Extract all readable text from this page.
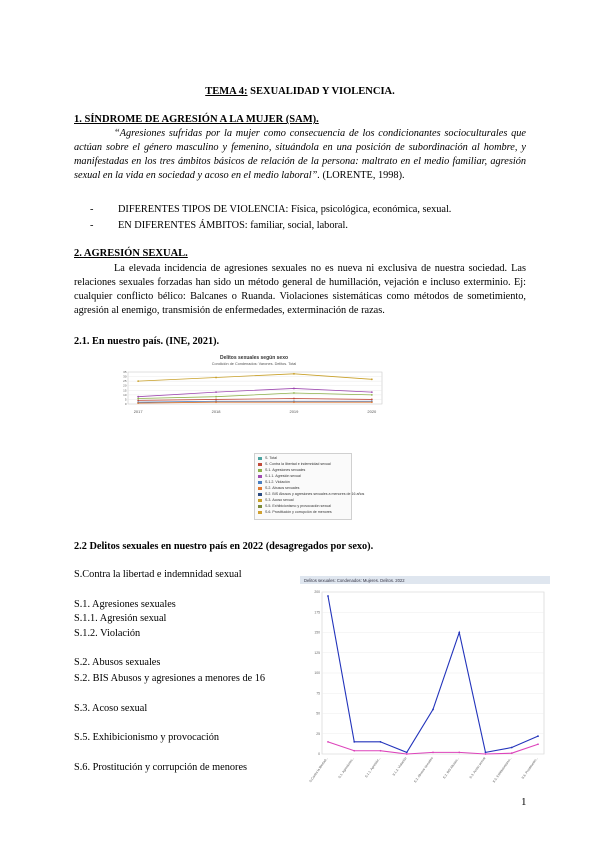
TEMA 4: SEXUALIDAD Y VIOLENCIA.
1. SÍNDROME DE AGRESIÓN A LA MUJER (SAM).
“Agresiones sufridas por la mujer como consecuencia de los condicionantes socioculturales que actúan sobre el género masculino y femenino, situándola en una posición de subordinación al hombre, y manifestadas en los tres ámbitos básicos de relación de la persona: maltrato en el medio familiar, agresión sexual en la vida en sociedad y acoso en el medio laboral”. (LORENTE, 1998).
- DIFERENTES TIPOS DE VIOLENCIA: Física, psicológica, económica, sexual.
- EN DIFERENTES ÁMBITOS: familiar, social, laboral.
2. AGRESIÓN SEXUAL.
La elevada incidencia de agresiones sexuales no es nueva ni exclusiva de nuestra sociedad. Las relaciones sexuales forzadas han sido un método general de humillación, vejación e incluso exterminio. Ej: cualquier conflicto bélico: Balcanes o Ruanda. Violaciones sistemáticas como métodos de sometimiento, agresión al enemigo, transmisión de enfermedades, exterminación de razas.
2.1. En nuestro país. (INE, 2021).
Delitos sexuales según sexo
Condición de Condenados: Varones. Delitos. Total
0
5
10
15
20
25
30
35
S. Total
S. Contra la libertad e indemnidad sexual
S.1. Agresiones sexuales
S.1.1. Agresión sexual
S.1.2. Violación
S.2. Abusos sexuales
S.2. BIS Abusos y agresiones sexuales a menores de 16 años
S.3. Acoso sexual
S.5. Exhibicionismo y provocación sexual
S.6. Prostitución y corrupción de menores
2.2 Delitos sexuales en nuestro país en 2022 (desagregados por sexo).
S.Contra la libertad e indemnidad sexual
S.1. Agresiones sexuales
S.1.1. Agresión sexual
S.1.2. Violación
S.2. Abusos sexuales
S.2. BIS Abusos y agresiones a menores de 16
S.3. Acoso sexual
S.5. Exhibicionismo y provocación
S.6. Prostitución y corrupción de menores
Delitos sexuales: Condenados: Mujeres. Delitos. 2022
0
25
50
75
100
125
150
175
200
S.Contra la libertad...	S.1. Agresiones...	S.1.1. Agresión...	S.1.2. Violación S.2. Abusos sexuales	S.2. BIS Abusos...	S.3. Acoso sexual S.5. Exhibicionismo...	S.6. Prostitución...
1
2017	2018	2019	2020
